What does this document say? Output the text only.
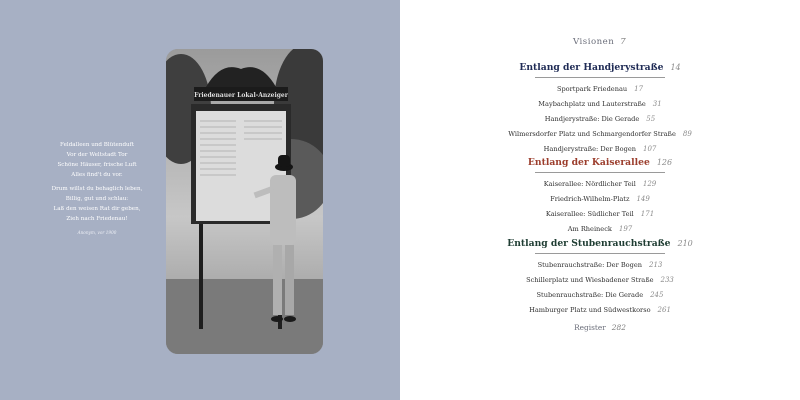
Feldalleen und Blütenduft
Vor der Weltstadt Tor
Schöne Häuser, frische Luft
Alles find't du vor.
Drum willst du behaglich leben,
Billig, gut und schlau:
Laß den weisen Rat dir geben,
Zieh nach Friedenau!
Anonym, vor 1900
Friedenauer Lokal-Anzeiger
Visionen 7
Entlang der Handjerystraße 14
Sportpark Friedenau 17
Maybachplatz und Lauterstraße 31
Handjerystraße: Die Gerade 55
Wilmersdorfer Platz und Schmargendorfer Straße 89
Handjerystraße: Der Bogen 107
Entlang der Kaiserallee 126
Kaiserallee: Nördlicher Teil 129
Friedrich-Wilhelm-Platz 149
Kaiserallee: Südlicher Teil 171
Am Rheineck 197
Entlang der Stubenrauchstraße 210
Stubenrauchstraße: Der Bogen 213
Schillerplatz und Wiesbadener Straße 233
Stubenrauchstraße: Die Gerade 245
Hamburger Platz und Südwestkorso 261
Register 282
